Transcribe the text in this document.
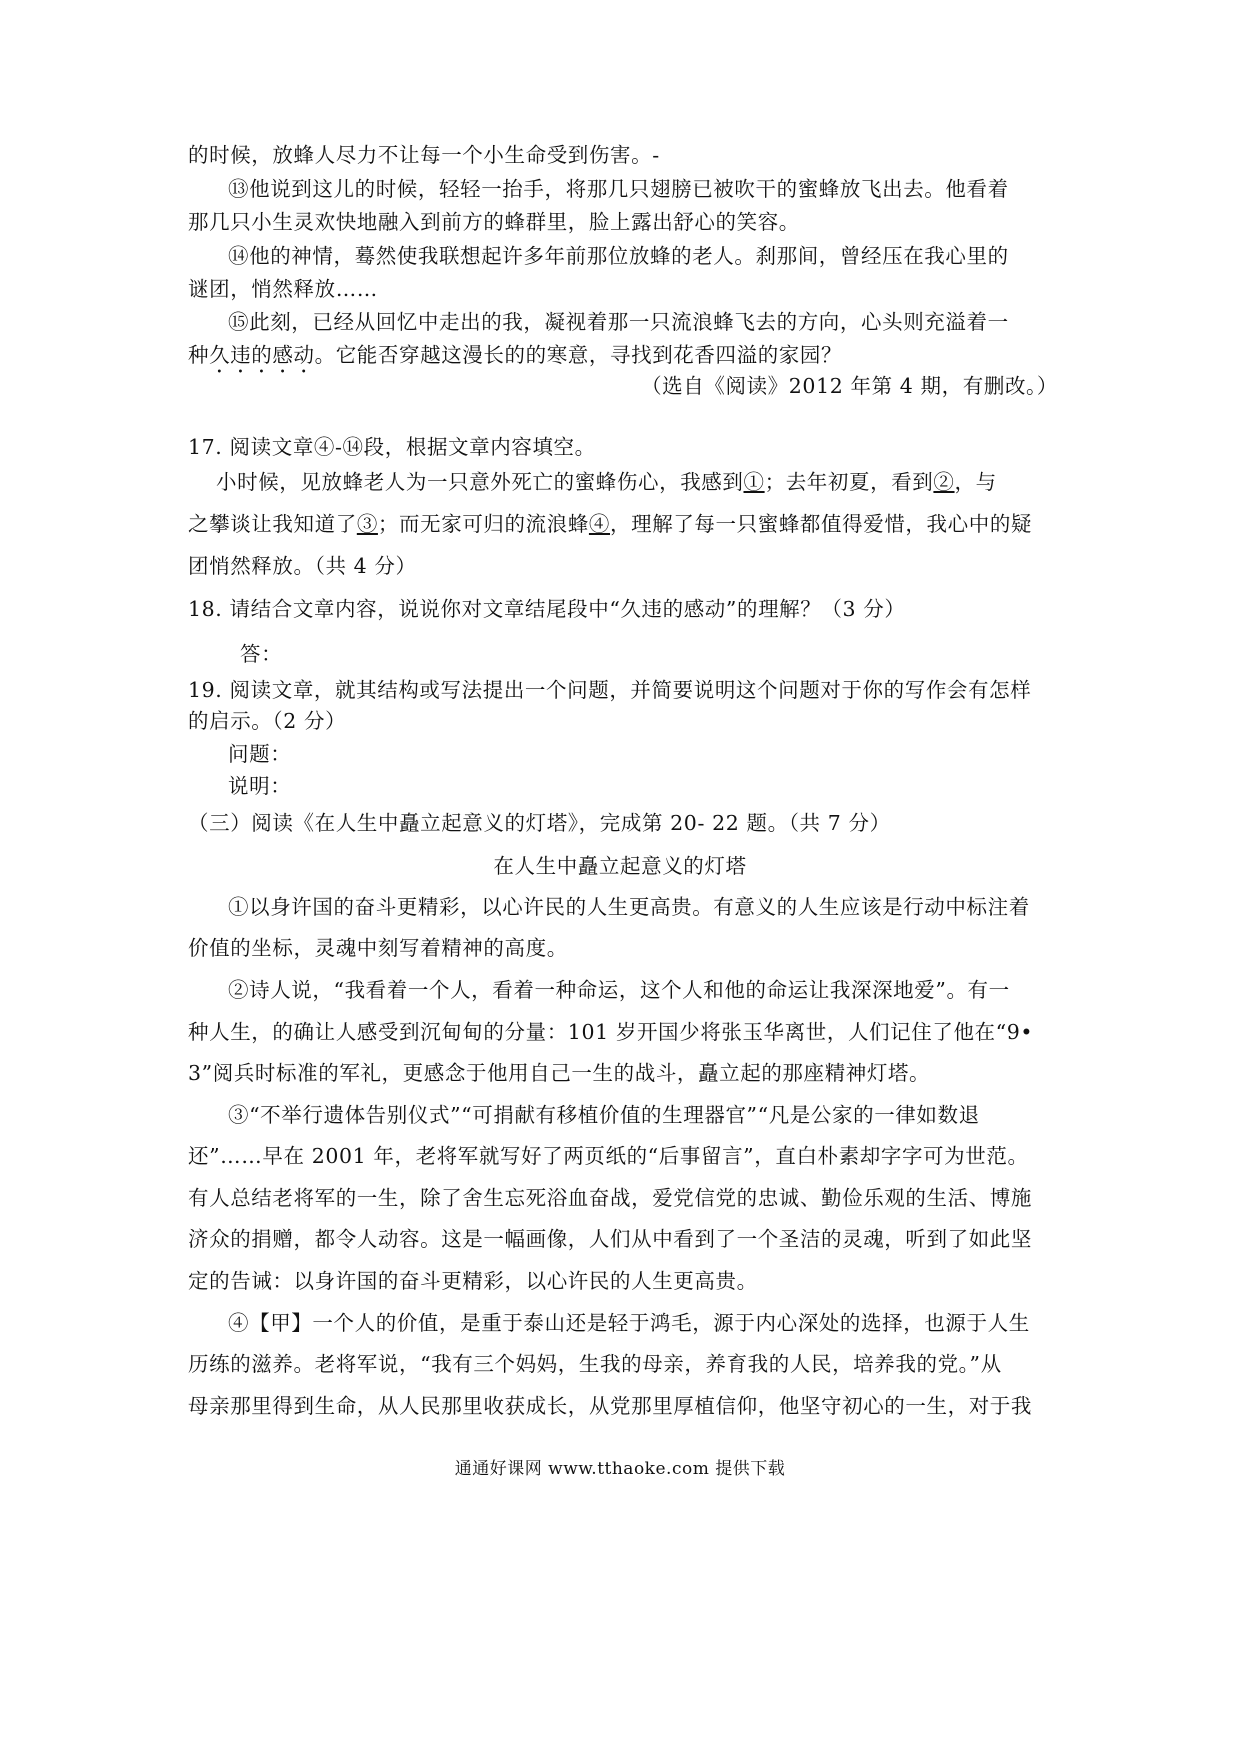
的时候，放蜂人尽力不让每一个小生命受到伤害。-
⑬他说到这儿的时候，轻轻一抬手，将那几只翅膀已被吹干的蜜蜂放飞出去。他看着
那几只小生灵欢快地融入到前方的蜂群里，脸上露出舒心的笑容。
⑭他的神情，蓦然使我联想起许多年前那位放蜂的老人。刹那间，曾经压在我心里的
谜团，悄然释放……
⑮此刻，已经从回忆中走出的我，凝视着那一只流浪蜂飞去的方向，心头则充溢着一
种久违的感动。它能否穿越这漫长的的寒意，寻找到花香四溢的家园？
（选自《阅读》2012 年第 4 期，有删改。）
17. 阅读文章④-⑭段，根据文章内容填空。
小时候，见放蜂老人为一只意外死亡的蜜蜂伤心，我感到①；去年初夏，看到②，与
之攀谈让我知道了③；而无家可归的流浪蜂④，理解了每一只蜜蜂都值得爱惜，我心中的疑
团悄然释放。（共 4 分）
18. 请结合文章内容，说说你对文章结尾段中“久违的感动”的理解？（3 分）
答：
19. 阅读文章，就其结构或写法提出一个问题，并简要说明这个问题对于你的写作会有怎样
的启示。（2 分）
问题：
说明：
（三）阅读《在人生中矗立起意义的灯塔》，完成第 20- 22 题。（共 7 分）
在人生中矗立起意义的灯塔
①以身许国的奋斗更精彩，以心许民的人生更高贵。有意义的人生应该是行动中标注着
价值的坐标，灵魂中刻写着精神的高度。
②诗人说，“我看着一个人，看着一种命运，这个人和他的命运让我深深地爱”。有一
种人生，的确让人感受到沉甸甸的分量：101 岁开国少将张玉华离世，人们记住了他在“9•
3”阅兵时标准的军礼，更感念于他用自己一生的战斗，矗立起的那座精神灯塔。
③“不举行遗体告别仪式”“可捐献有移植价值的生理器官”“凡是公家的一律如数退
还”……早在 2001 年，老将军就写好了两页纸的“后事留言”，直白朴素却字字可为世范。
有人总结老将军的一生，除了舍生忘死浴血奋战，爱党信党的忠诚、勤俭乐观的生活、博施
济众的捐赠，都令人动容。这是一幅画像，人们从中看到了一个圣洁的灵魂，听到了如此坚
定的告诫：以身许国的奋斗更精彩，以心许民的人生更高贵。
④【甲】一个人的价值，是重于泰山还是轻于鸿毛，源于内心深处的选择，也源于人生
历练的滋养。老将军说，“我有三个妈妈，生我的母亲，养育我的人民，培养我的党。”从
母亲那里得到生命，从人民那里收获成长，从党那里厚植信仰，他坚守初心的一生，对于我
通通好课网 www.tthaoke.com 提供下载
